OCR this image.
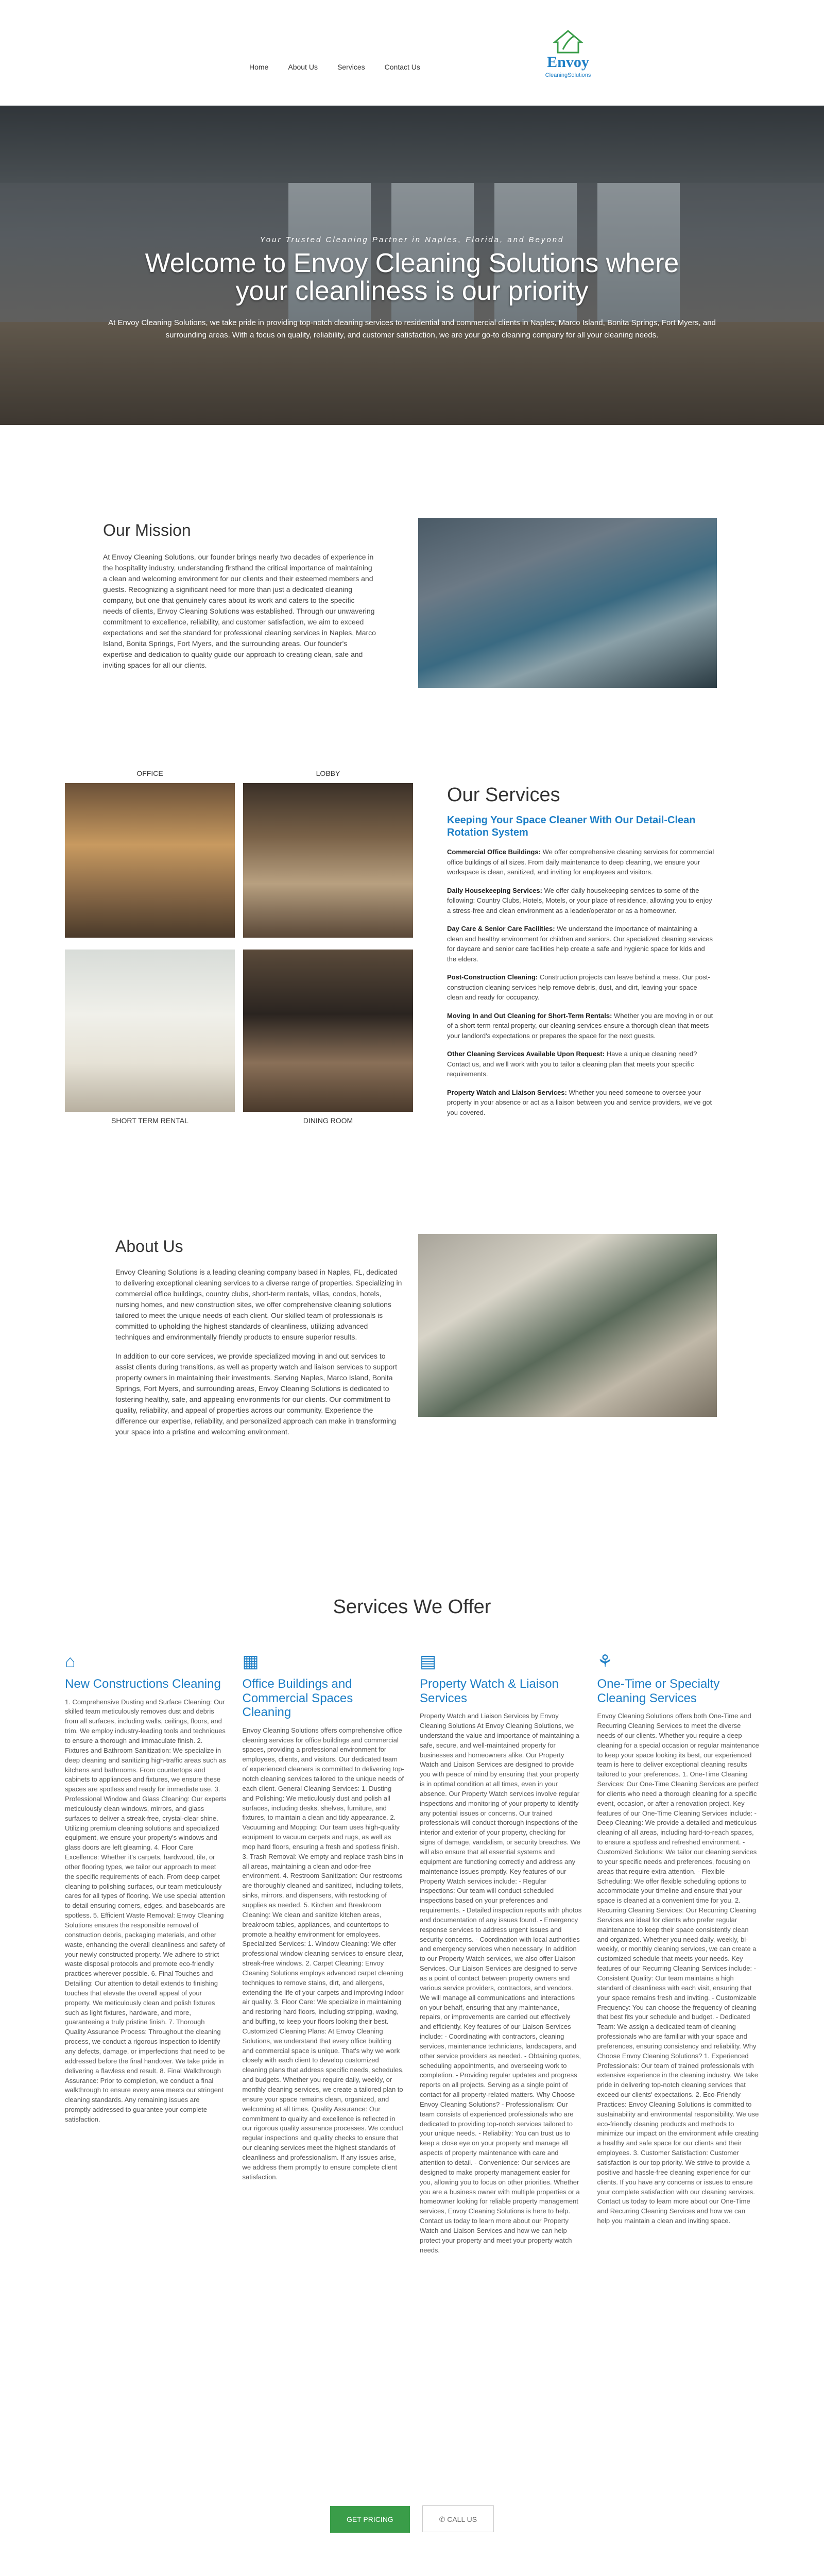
Home	About Us	Services	Contact Us	Envoy
CleaningSolutions
Your Trusted Cleaning Partner in Naples, Florida, and Beyond
Welcome to Envoy Cleaning Solutions where
your cleanliness is our priority

At Envoy Cleaning Solutions, we take pride in providing top-notch cleaning services to residential and commercial clients in Naples, Marco Island, Bonita Springs, Fort Myers, and surrounding areas. With a focus on quality, reliability, and customer satisfaction, we are your go-to cleaning company for all your cleaning needs.

Our Mission

At Envoy Cleaning Solutions, our founder brings nearly two decades of experience in the hospitality industry, understanding firsthand the critical importance of maintaining a clean and welcoming environment for our clients and their esteemed members and guests. Recognizing a significant need for more than just a dedicated cleaning company, but one that genuinely cares about its work and caters to the specific needs of clients, Envoy Cleaning Solutions was established. Through our unwavering commitment to excellence, reliability, and customer satisfaction, we aim to exceed expectations and set the standard for professional cleaning services in Naples, Marco Island, Bonita Springs, Fort Myers, and the surrounding areas. Our founder's expertise and dedication to quality guide our approach to creating clean, safe and inviting spaces for all our clients.

OFFICE	LOBBY
SHORT TERM RENTAL	DINING ROOM
Our Services
Keeping Your Space Cleaner With Our Detail-Clean Rotation System
Commercial Office Buildings: We offer comprehensive cleaning services for commercial office buildings of all sizes. From daily maintenance to deep cleaning, we ensure your workspace is clean, sanitized, and inviting for employees and visitors.
Daily Housekeeping Services: We offer daily housekeeping services to some of the following: Country Clubs, Hotels, Motels, or your place of residence, allowing you to enjoy a stress-free and clean environment as a leader/operator or as a homeowner.
Day Care & Senior Care Facilities: We understand the importance of maintaining a clean and healthy environment for children and seniors. Our specialized cleaning services for daycare and senior care facilities help create a safe and hygienic space for kids and the elders.
Post-Construction Cleaning: Construction projects can leave behind a mess. Our post-construction cleaning services help remove debris, dust, and dirt, leaving your space clean and ready for occupancy.
Moving In and Out Cleaning for Short-Term Rentals: Whether you are moving in or out of a short-term rental property, our cleaning services ensure a thorough clean that meets your landlord's expectations or prepares the space for the next guests.
Other Cleaning Services Available Upon Request: Have a unique cleaning need? Contact us, and we'll work with you to tailor a cleaning plan that meets your specific requirements.
Property Watch and Liaison Services: Whether you need someone to oversee your property in your absence or act as a liaison between you and service providers, we've got you covered.
About Us

Envoy Cleaning Solutions is a leading cleaning company based in Naples, FL, dedicated to delivering exceptional cleaning services to a diverse range of properties. Specializing in commercial office buildings, country clubs, short-term rentals, villas, condos, hotels, nursing homes, and new construction sites, we offer comprehensive cleaning solutions tailored to meet the unique needs of each client. Our skilled team of professionals is committed to upholding the highest standards of cleanliness, utilizing advanced techniques and environmentally friendly products to ensure superior results.

In addition to our core services, we provide specialized moving in and out services to assist clients during transitions, as well as property watch and liaison services to support property owners in maintaining their investments. Serving Naples, Marco Island, Bonita Springs, Fort Myers, and surrounding areas, Envoy Cleaning Solutions is dedicated to fostering healthy, safe, and appealing environments for our clients. Our commitment to quality, reliability, and appeal of properties across our community. Experience the difference our expertise, reliability, and personalized approach can make in transforming your space into a pristine and welcoming environment.

Services We Offer
⌂
New Constructions Cleaning

1. Comprehensive Dusting and Surface Cleaning: Our skilled team meticulously removes dust and debris from all surfaces, including walls, ceilings, floors, and trim. We employ industry-leading tools and techniques to ensure a thorough and immaculate finish. 2. Fixtures and Bathroom Sanitization: We specialize in deep cleaning and sanitizing high-traffic areas such as kitchens and bathrooms. From countertops and cabinets to appliances and fixtures, we ensure these spaces are spotless and ready for immediate use. 3. Professional Window and Glass Cleaning: Our experts meticulously clean windows, mirrors, and glass surfaces to deliver a streak-free, crystal-clear shine. Utilizing premium cleaning solutions and specialized equipment, we ensure your property's windows and glass doors are left gleaming. 4. Floor Care Excellence: Whether it's carpets, hardwood, tile, or other flooring types, we tailor our approach to meet the specific requirements of each. From deep carpet cleaning to polishing surfaces, our team meticulously cares for all types of flooring. We use special attention to detail ensuring corners, edges, and baseboards are spotless. 5. Efficient Waste Removal: Envoy Cleaning Solutions ensures the responsible removal of construction debris, packaging materials, and other waste, enhancing the overall cleanliness and safety of your newly constructed property. We adhere to strict waste disposal protocols and promote eco-friendly practices wherever possible. 6. Final Touches and Detailing: Our attention to detail extends to finishing touches that elevate the overall appeal of your property. We meticulously clean and polish fixtures such as light fixtures, hardware, and more, guaranteeing a truly pristine finish. 7. Thorough Quality Assurance Process: Throughout the cleaning process, we conduct a rigorous inspection to identify any defects, damage, or imperfections that need to be addressed before the final handover. We take pride in delivering a flawless end result. 8. Final Walkthrough Assurance: Prior to completion, we conduct a final walkthrough to ensure every area meets our stringent cleaning standards. Any remaining issues are promptly addressed to guarantee your complete satisfaction.

▦
Office Buildings and Commercial Spaces Cleaning

Envoy Cleaning Solutions offers comprehensive office cleaning services for office buildings and commercial spaces, providing a professional environment for employees, clients, and visitors. Our dedicated team of experienced cleaners is committed to delivering top-notch cleaning services tailored to the unique needs of each client. General Cleaning Services: 1. Dusting and Polishing: We meticulously dust and polish all surfaces, including desks, shelves, furniture, and fixtures, to maintain a clean and tidy appearance. 2. Vacuuming and Mopping: Our team uses high-quality equipment to vacuum carpets and rugs, as well as mop hard floors, ensuring a fresh and spotless finish. 3. Trash Removal: We empty and replace trash bins in all areas, maintaining a clean and odor-free environment. 4. Restroom Sanitization: Our restrooms are thoroughly cleaned and sanitized, including toilets, sinks, mirrors, and dispensers, with restocking of supplies as needed. 5. Kitchen and Breakroom Cleaning: We clean and sanitize kitchen areas, breakroom tables, appliances, and countertops to promote a healthy environment for employees. Specialized Services: 1. Window Cleaning: We offer professional window cleaning services to ensure clear, streak-free windows. 2. Carpet Cleaning: Envoy Cleaning Solutions employs advanced carpet cleaning techniques to remove stains, dirt, and allergens, extending the life of your carpets and improving indoor air quality. 3. Floor Care: We specialize in maintaining and restoring hard floors, including stripping, waxing, and buffing, to keep your floors looking their best. Customized Cleaning Plans: At Envoy Cleaning Solutions, we understand that every office building and commercial space is unique. That's why we work closely with each client to develop customized cleaning plans that address specific needs, schedules, and budgets. Whether you require daily, weekly, or monthly cleaning services, we create a tailored plan to ensure your space remains clean, organized, and welcoming at all times. Quality Assurance: Our commitment to quality and excellence is reflected in our rigorous quality assurance processes. We conduct regular inspections and quality checks to ensure that our cleaning services meet the highest standards of cleanliness and professionalism. If any issues arise, we address them promptly to ensure complete client satisfaction.

▤
Property Watch & Liaison Services

Property Watch and Liaison Services by Envoy Cleaning Solutions At Envoy Cleaning Solutions, we understand the value and importance of maintaining a safe, secure, and well-maintained property for businesses and homeowners alike. Our Property Watch and Liaison Services are designed to provide you with peace of mind by ensuring that your property is in optimal condition at all times, even in your absence. Our Property Watch services involve regular inspections and monitoring of your property to identify any potential issues or concerns. Our trained professionals will conduct thorough inspections of the interior and exterior of your property, checking for signs of damage, vandalism, or security breaches. We will also ensure that all essential systems and equipment are functioning correctly and address any maintenance issues promptly. Key features of our Property Watch services include: - Regular inspections: Our team will conduct scheduled inspections based on your preferences and requirements. - Detailed inspection reports with photos and documentation of any issues found. - Emergency response services to address urgent issues and security concerns. - Coordination with local authorities and emergency services when necessary. In addition to our Property Watch services, we also offer Liaison Services. Our Liaison Services are designed to serve as a point of contact between property owners and various service providers, contractors, and vendors. We will manage all communications and interactions on your behalf, ensuring that any maintenance, repairs, or improvements are carried out effectively and efficiently. Key features of our Liaison Services include: - Coordinating with contractors, cleaning services, maintenance technicians, landscapers, and other service providers as needed. - Obtaining quotes, scheduling appointments, and overseeing work to completion. - Providing regular updates and progress reports on all projects. Serving as a single point of contact for all property-related matters. Why Choose Envoy Cleaning Solutions? - Professionalism: Our team consists of experienced professionals who are dedicated to providing top-notch services tailored to your unique needs. - Reliability: You can trust us to keep a close eye on your property and manage all aspects of property maintenance with care and attention to detail. - Convenience: Our services are designed to make property management easier for you, allowing you to focus on other priorities. Whether you are a business owner with multiple properties or a homeowner looking for reliable property management services, Envoy Cleaning Solutions is here to help. Contact us today to learn more about our Property Watch and Liaison Services and how we can help protect your property and meet your property watch needs.

⚘
One-Time or Specialty Cleaning Services

Envoy Cleaning Solutions offers both One-Time and Recurring Cleaning Services to meet the diverse needs of our clients. Whether you require a deep cleaning for a special occasion or regular maintenance to keep your space looking its best, our experienced team is here to deliver exceptional cleaning results tailored to your preferences. 1. One-Time Cleaning Services: Our One-Time Cleaning Services are perfect for clients who need a thorough cleaning for a specific event, occasion, or after a renovation project. Key features of our One-Time Cleaning Services include: - Deep Cleaning: We provide a detailed and meticulous cleaning of all areas, including hard-to-reach spaces, to ensure a spotless and refreshed environment. - Customized Solutions: We tailor our cleaning services to your specific needs and preferences, focusing on areas that require extra attention. - Flexible Scheduling: We offer flexible scheduling options to accommodate your timeline and ensure that your space is cleaned at a convenient time for you. 2. Recurring Cleaning Services: Our Recurring Cleaning Services are ideal for clients who prefer regular maintenance to keep their space consistently clean and organized. Whether you need daily, weekly, bi-weekly, or monthly cleaning services, we can create a customized schedule that meets your needs. Key features of our Recurring Cleaning Services include: - Consistent Quality: Our team maintains a high standard of cleanliness with each visit, ensuring that your space remains fresh and inviting. - Customizable Frequency: You can choose the frequency of cleaning that best fits your schedule and budget. - Dedicated Team: We assign a dedicated team of cleaning professionals who are familiar with your space and preferences, ensuring consistency and reliability. Why Choose Envoy Cleaning Solutions? 1. Experienced Professionals: Our team of trained professionals with extensive experience in the cleaning industry. We take pride in delivering top-notch cleaning services that exceed our clients' expectations. 2. Eco-Friendly Practices: Envoy Cleaning Solutions is committed to sustainability and environmental responsibility. We use eco-friendly cleaning products and methods to minimize our impact on the environment while creating a healthy and safe space for our clients and their employees. 3. Customer Satisfaction: Customer satisfaction is our top priority. We strive to provide a positive and hassle-free cleaning experience for our clients. If you have any concerns or issues to ensure your complete satisfaction with our cleaning services. Contact us today to learn more about our One-Time and Recurring Cleaning Services and how we can help you maintain a clean and inviting space.

GET PRICING	✆ CALL US
